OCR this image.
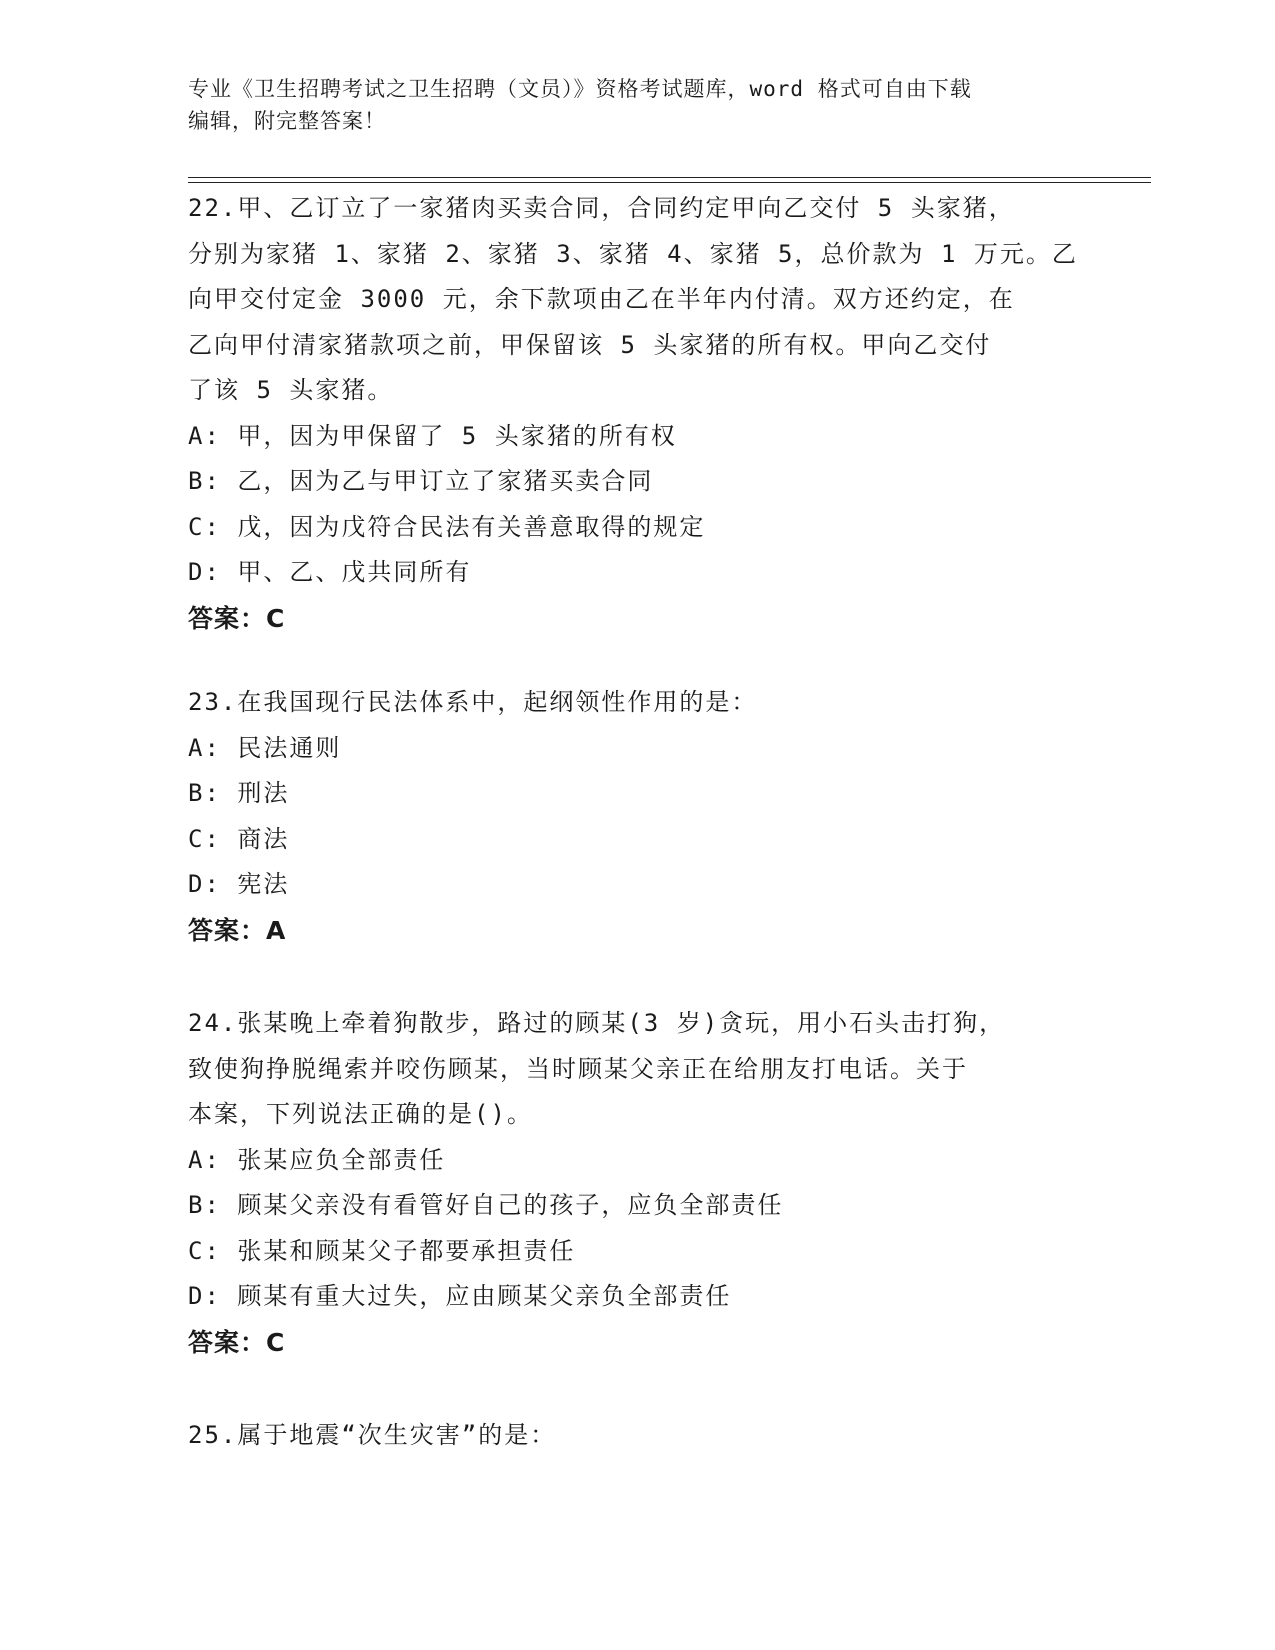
专业《卫生招聘考试之卫生招聘（文员）》资格考试题库，word 格式可自由下载
编辑，附完整答案！
22.甲、乙订立了一家猪肉买卖合同，合同约定甲向乙交付 5 头家猪，
分别为家猪 1、家猪 2、家猪 3、家猪 4、家猪 5，总价款为 1 万元。乙
向甲交付定金 3000 元，余下款项由乙在半年内付清。双方还约定，在
乙向甲付清家猪款项之前，甲保留该 5 头家猪的所有权。甲向乙交付
了该 5 头家猪。
A: 甲，因为甲保留了 5 头家猪的所有权
B: 乙，因为乙与甲订立了家猪买卖合同
C: 戊，因为戊符合民法有关善意取得的规定
D: 甲、乙、戊共同所有
答案：C
23.在我国现行民法体系中，起纲领性作用的是：
A: 民法通则
B: 刑法
C: 商法
D: 宪法
答案：A
24.张某晚上牵着狗散步，路过的顾某(3 岁)贪玩，用小石头击打狗，
致使狗挣脱绳索并咬伤顾某，当时顾某父亲正在给朋友打电话。关于
本案，下列说法正确的是()。
A: 张某应负全部责任
B: 顾某父亲没有看管好自己的孩子，应负全部责任
C: 张某和顾某父子都要承担责任
D: 顾某有重大过失，应由顾某父亲负全部责任
答案：C
25.属于地震“次生灾害”的是：
